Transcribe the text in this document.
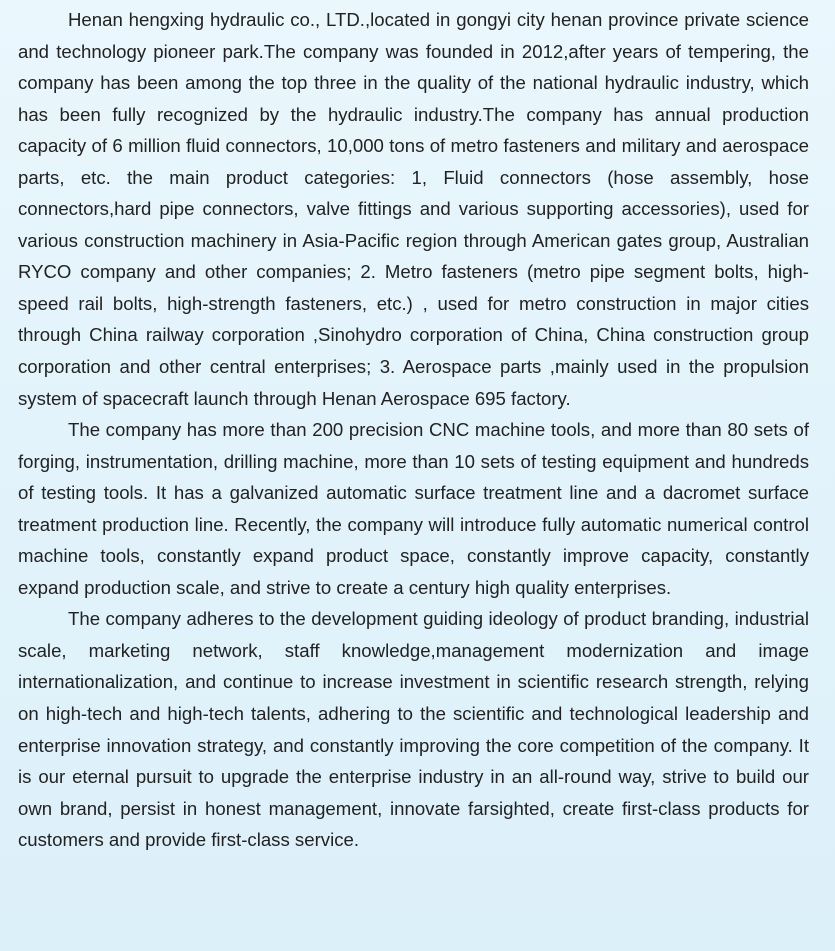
Henan hengxing hydraulic co., LTD.,located in gongyi city henan province private science and technology pioneer park.The company was founded in 2012,after years of tempering, the company has been among the top three in the quality of the national hydraulic industry, which has been fully recognized by the hydraulic industry.The company has annual production capacity of 6 million fluid connectors, 10,000 tons of metro fasteners and military and aerospace parts, etc. the main product categories: 1, Fluid connectors (hose assembly, hose connectors,hard pipe connectors, valve fittings and various supporting accessories), used for various construction machinery in Asia-Pacific region through American gates group, Australian RYCO company and other companies; 2. Metro fasteners (metro pipe segment bolts, high-speed rail bolts, high-strength fasteners, etc.) , used for metro construction in major cities through China railway corporation ,Sinohydro corporation of China, China construction group corporation and other central enterprises; 3. Aerospace parts ,mainly used in the propulsion system of spacecraft launch through Henan Aerospace 695 factory.

The company has more than 200 precision CNC machine tools, and more than 80 sets of forging, instrumentation, drilling machine, more than 10 sets of testing equipment and hundreds of testing tools. It has a galvanized automatic surface treatment line and a dacromet surface treatment production line. Recently, the company will introduce fully automatic numerical control machine tools, constantly expand product space, constantly improve capacity, constantly expand production scale, and strive to create a century high quality enterprises.

The company adheres to the development guiding ideology of product branding, industrial scale, marketing network, staff knowledge,management modernization and image internationalization, and continue to increase investment in scientific research strength, relying on high-tech and high-tech talents, adhering to the scientific and technological leadership and enterprise innovation strategy, and constantly improving the core competition of the company. It is our eternal pursuit to upgrade the enterprise industry in an all-round way, strive to build our own brand, persist in honest management, innovate farsighted, create first-class products for customers and provide first-class service.
